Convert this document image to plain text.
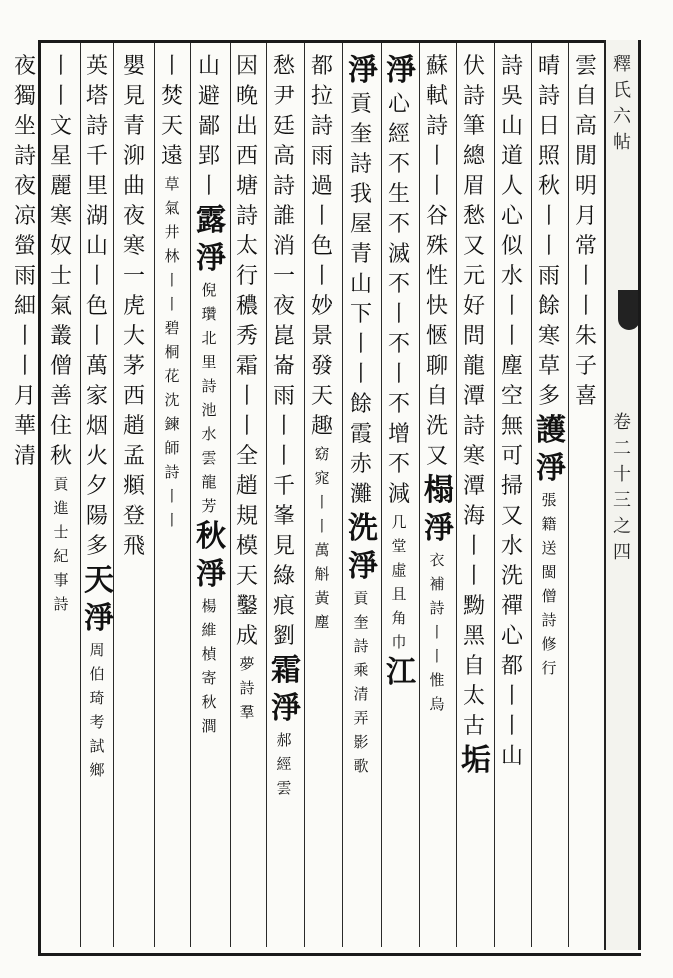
釋氏六帖
卷二十三之四
雲自高閒明月常丨丨朱子喜
晴詩日照秋丨丨雨餘寒草多
護淨
張籍送閩僧詩修行
詩吳山道人心似水丨丨塵空無可掃又水洗禪心都丨丨
山
伏詩筆總眉愁又元好問龍潭詩寒潭海丨丨黝黑自太古
垢
蘇軾詩丨丨谷殊性快愜聊自洗又
榻淨
衣補詩丨丨惟烏
淨
心經不生不滅不丨不丨不增不減
几堂虛且角巾
江
淨
貢奎詩我屋青山下丨丨餘霞赤灘
洗淨
貢奎詩乘清弄影歌
都拉詩雨過丨色丨妙景發天趣
窈窕丨丨萬斛黃塵
愁尹廷高詩誰消一夜崑崙雨丨丨千峯見綠痕劉
霜淨
郝經雲
因晚出西塘詩太行穠秀霜丨丨全趙規模天鑿成
夢詩羣
山避鄙郢丨
露淨
倪瓚北里詩池水雲龍芳
秋淨
楊維楨寄秋澗
丨焚天遠
草氣井林丨丨碧桐花
沈鍊師詩丨丨
嬰見青泖曲夜寒一虎大茅西趙孟頫登飛
英塔詩千里湖山丨色丨萬家烟火夕陽多
天淨
周伯琦考試鄉
丨丨文星麗寒奴士氣叢僧善住秋
貢進士紀事詩
夜獨坐詩夜凉螢雨細丨丨月華清
